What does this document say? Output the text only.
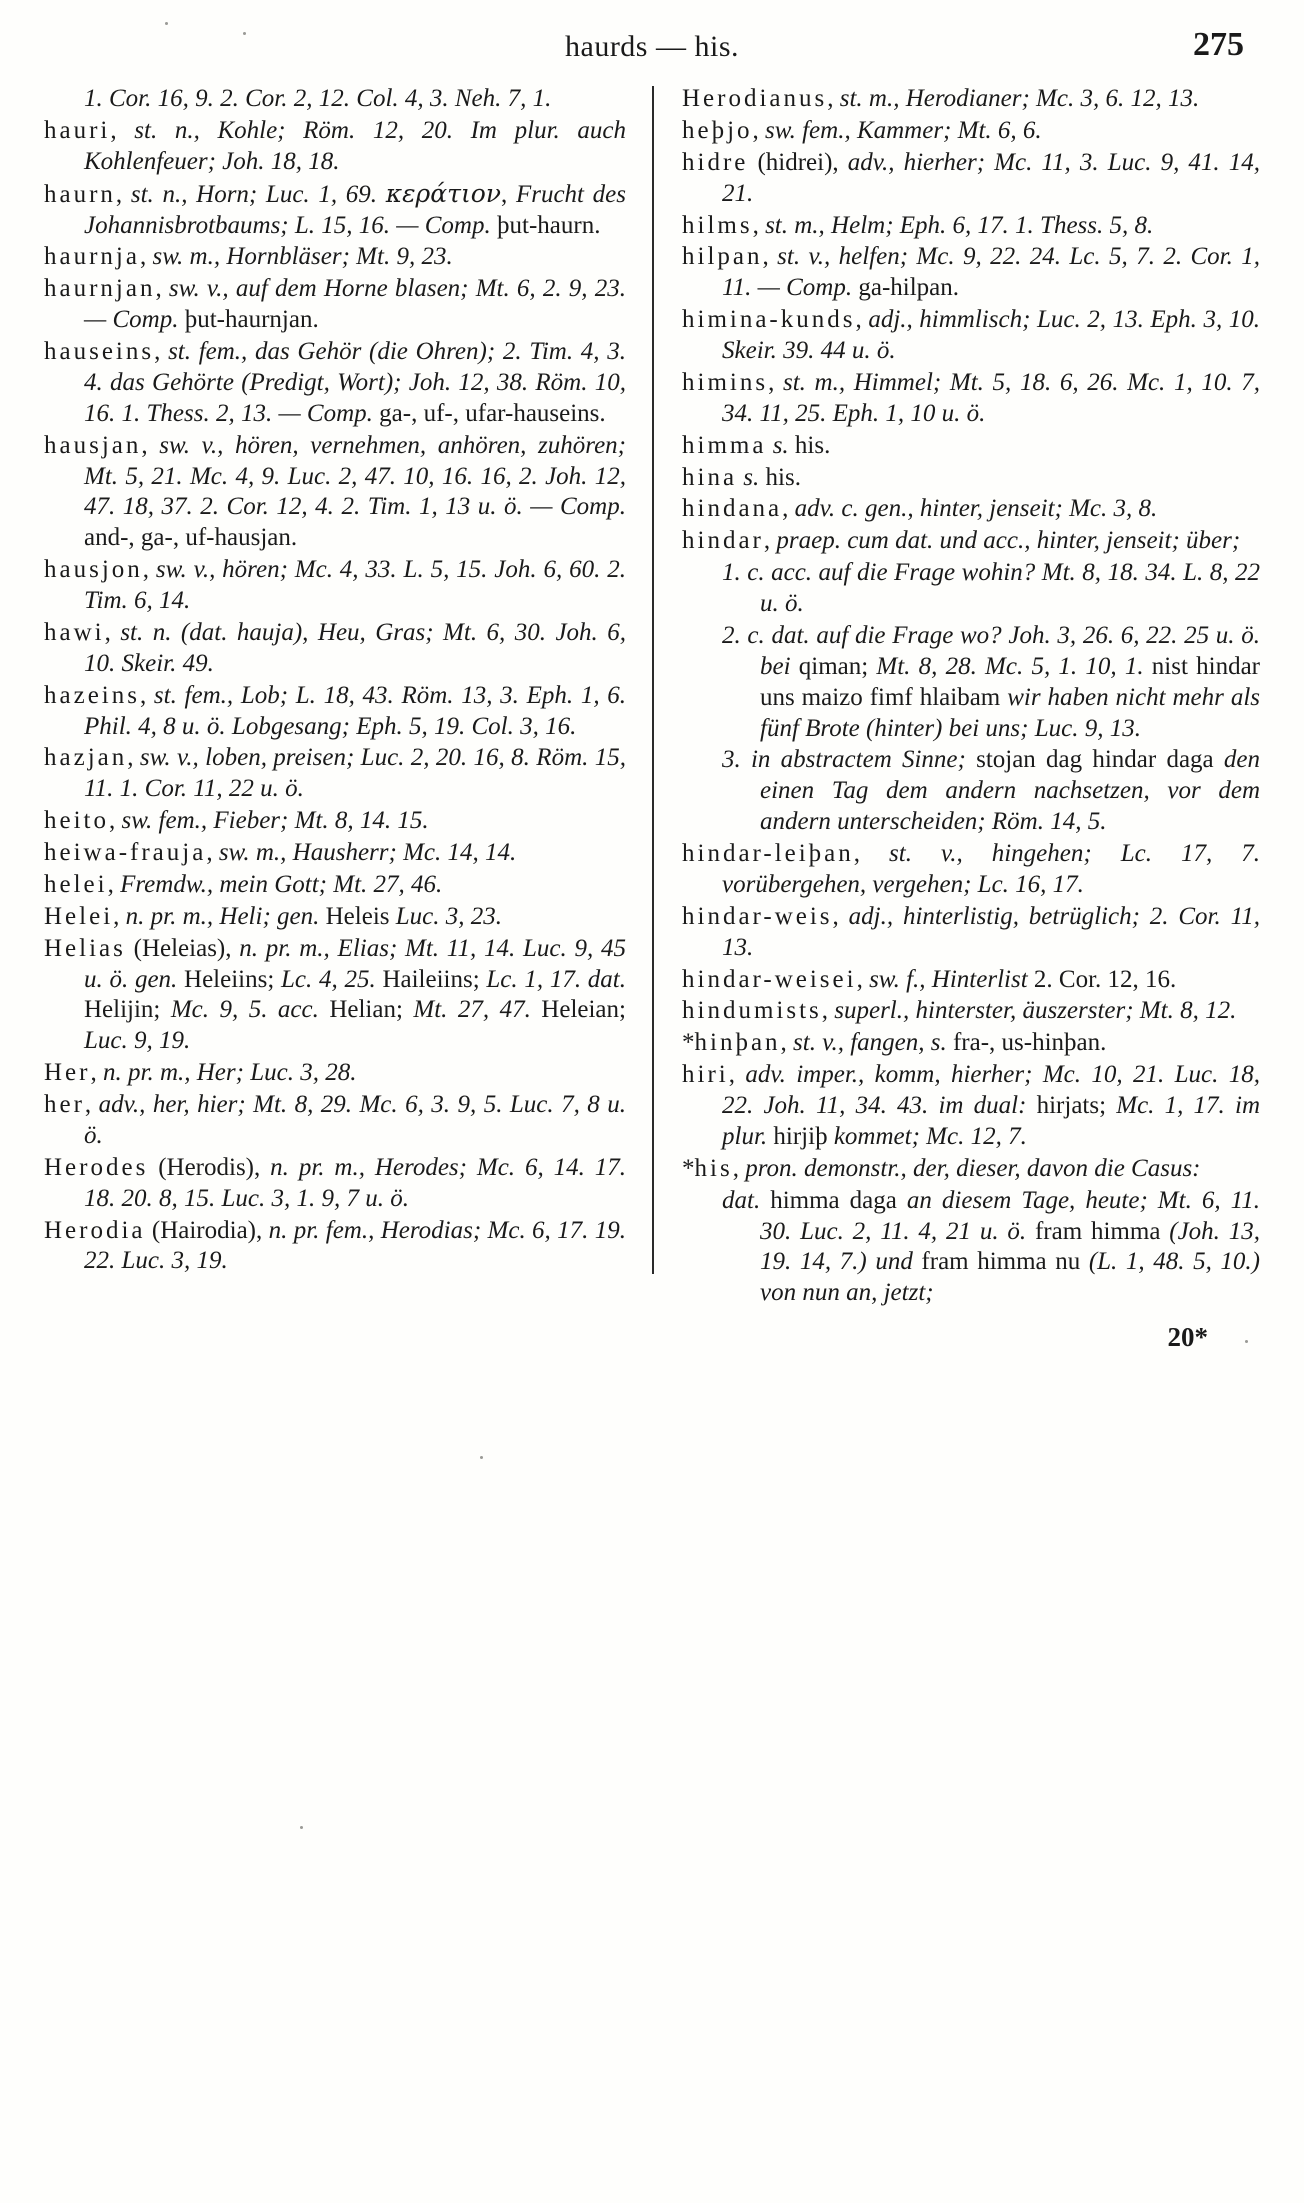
haurds — his.	275

1. Cor. 16, 9. 2. Cor. 2, 12. Col. 4, 3. Neh. 7, 1.

hauri, st. n., Kohle; Röm. 12, 20. Im plur. auch Kohlenfeuer; Joh. 18, 18.

haurn, st. n., Horn; Luc. 1, 69. κεράτιον, Frucht des Johannisbrotbaums; L. 15, 16. — Comp. þut-haurn.

haurnja, sw. m., Hornbläser; Mt. 9, 23.

haurnjan, sw. v., auf dem Horne blasen; Mt. 6, 2. 9, 23. — Comp. þut-haurnjan.

hauseins, st. fem., das Gehör (die Ohren); 2. Tim. 4, 3. 4. das Gehörte (Predigt, Wort); Joh. 12, 38. Röm. 10, 16. 1. Thess. 2, 13. — Comp. ga-, uf-, ufar-hauseins.

hausjan, sw. v., hören, vernehmen, anhören, zuhören; Mt. 5, 21. Mc. 4, 9. Luc. 2, 47. 10, 16. 16, 2. Joh. 12, 47. 18, 37. 2. Cor. 12, 4. 2. Tim. 1, 13 u. ö. — Comp. and-, ga-, uf-hausjan.

hausjon, sw. v., hören; Mc. 4, 33. L. 5, 15. Joh. 6, 60. 2. Tim. 6, 14.

hawi, st. n. (dat. hauja), Heu, Gras; Mt. 6, 30. Joh. 6, 10. Skeir. 49.

hazeins, st. fem., Lob; L. 18, 43. Röm. 13, 3. Eph. 1, 6. Phil. 4, 8 u. ö. Lobgesang; Eph. 5, 19. Col. 3, 16.

hazjan, sw. v., loben, preisen; Luc. 2, 20. 16, 8. Röm. 15, 11. 1. Cor. 11, 22 u. ö.

heito, sw. fem., Fieber; Mt. 8, 14. 15.

heiwa-frauja, sw. m., Hausherr; Mc. 14, 14.

helei, Fremdw., mein Gott; Mt. 27, 46.

Helei, n. pr. m., Heli; gen. Heleis Luc. 3, 23.

Helias (Heleias), n. pr. m., Elias; Mt. 11, 14. Luc. 9, 45 u. ö. gen. Heleiins; Lc. 4, 25. Haileiins; Lc. 1, 17. dat. Helijin; Mc. 9, 5. acc. Helian; Mt. 27, 47. Heleian; Luc. 9, 19.

Her, n. pr. m., Her; Luc. 3, 28.

her, adv., her, hier; Mt. 8, 29. Mc. 6, 3. 9, 5. Luc. 7, 8 u. ö.

Herodes (Herodis), n. pr. m., Herodes; Mc. 6, 14. 17. 18. 20. 8, 15. Luc. 3, 1. 9, 7 u. ö.

Herodia (Hairodia), n. pr. fem., Herodias; Mc. 6, 17. 19. 22. Luc. 3, 19.

Herodianus, st. m., Herodianer; Mc. 3, 6. 12, 13.

heþjo, sw. fem., Kammer; Mt. 6, 6.

hidre (hidrei), adv., hierher; Mc. 11, 3. Luc. 9, 41. 14, 21.

hilms, st. m., Helm; Eph. 6, 17. 1. Thess. 5, 8.

hilpan, st. v., helfen; Mc. 9, 22. 24. Lc. 5, 7. 2. Cor. 1, 11. — Comp. ga-hilpan.

himina-kunds, adj., himmlisch; Luc. 2, 13. Eph. 3, 10. Skeir. 39. 44 u. ö.

himins, st. m., Himmel; Mt. 5, 18. 6, 26. Mc. 1, 10. 7, 34. 11, 25. Eph. 1, 10 u. ö.

himma s. his.

hina s. his.

hindana, adv. c. gen., hinter, jenseit; Mc. 3, 8.

hindar, praep. cum dat. und acc., hinter, jenseit; über;

1. c. acc. auf die Frage wohin? Mt. 8, 18. 34. L. 8, 22 u. ö.

2. c. dat. auf die Frage wo? Joh. 3, 26. 6, 22. 25 u. ö. bei qiman; Mt. 8, 28. Mc. 5, 1. 10, 1. nist hindar uns maizo fimf hlaibam wir haben nicht mehr als fünf Brote (hinter) bei uns; Luc. 9, 13.

3. in abstractem Sinne; stojan dag hindar daga den einen Tag dem andern nachsetzen, vor dem andern unterscheiden; Röm. 14, 5.

hindar-leiþan, st. v., hingehen; Lc. 17, 7. vorübergehen, vergehen; Lc. 16, 17.

hindar-weis, adj., hinterlistig, betrüglich; 2. Cor. 11, 13.

hindar-weisei, sw. f., Hinterlist 2. Cor. 12, 16.

hindumists, superl., hinterster, äuszerster; Mt. 8, 12.

*hinþan, st. v., fangen, s. fra-, us-hinþan.

hiri, adv. imper., komm, hierher; Mc. 10, 21. Luc. 18, 22. Joh. 11, 34. 43. im dual: hirjats; Mc. 1, 17. im plur. hirjiþ kommet; Mc. 12, 7.

*his, pron. demonstr., der, dieser, davon die Casus:

dat. himma daga an diesem Tage, heute; Mt. 6, 11. 30. Luc. 2, 11. 4, 21 u. ö. fram himma (Joh. 13, 19. 14, 7.) und fram himma nu (L. 1, 48. 5, 10.) von nun an, jetzt;

20*
